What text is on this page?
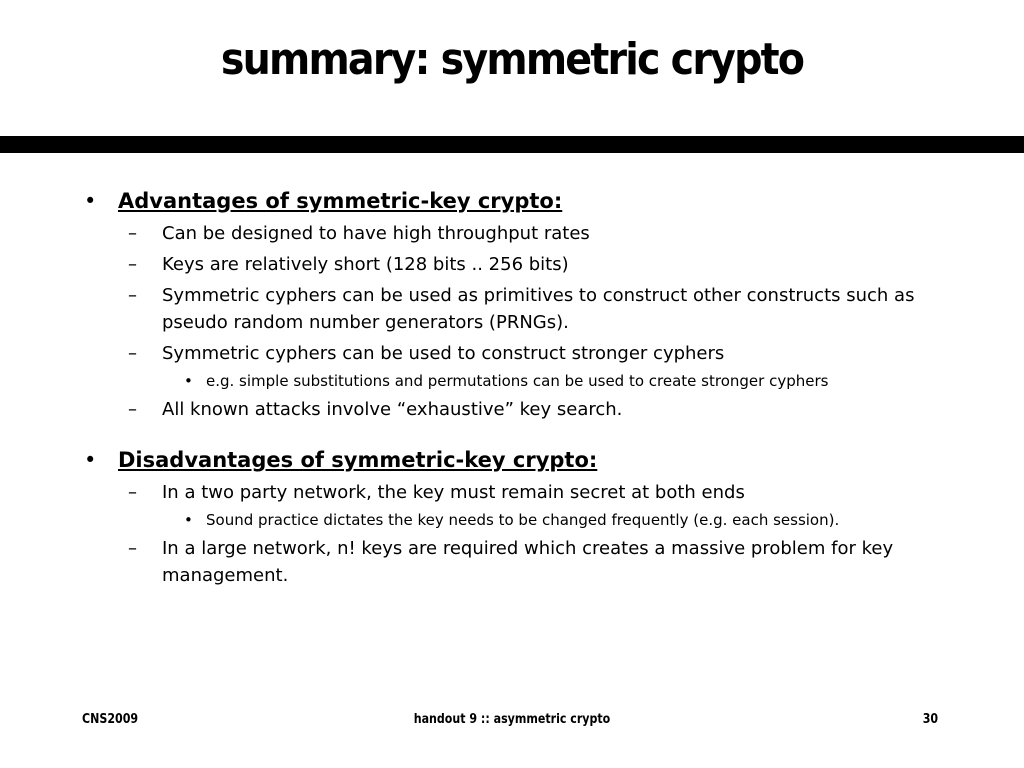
summary: symmetric crypto
• Advantages of symmetric-key crypto:
– Can be designed to have high throughput rates
– Keys are relatively short (128 bits .. 256 bits)
– Symmetric cyphers can be used as primitives to construct other constructs such as pseudo random number generators (PRNGs).
– Symmetric cyphers can be used to construct stronger cyphers
• e.g. simple substitutions and permutations can be used to create stronger cyphers
– All known attacks involve “exhaustive” key search.
• Disadvantages of symmetric-key crypto:
– In a two party network, the key must remain secret at both ends
• Sound practice dictates the key needs to be changed frequently (e.g. each session).
– In a large network, n! keys are required which creates a massive problem for key management.
CNS2009	handout 9 :: asymmetric crypto	30
